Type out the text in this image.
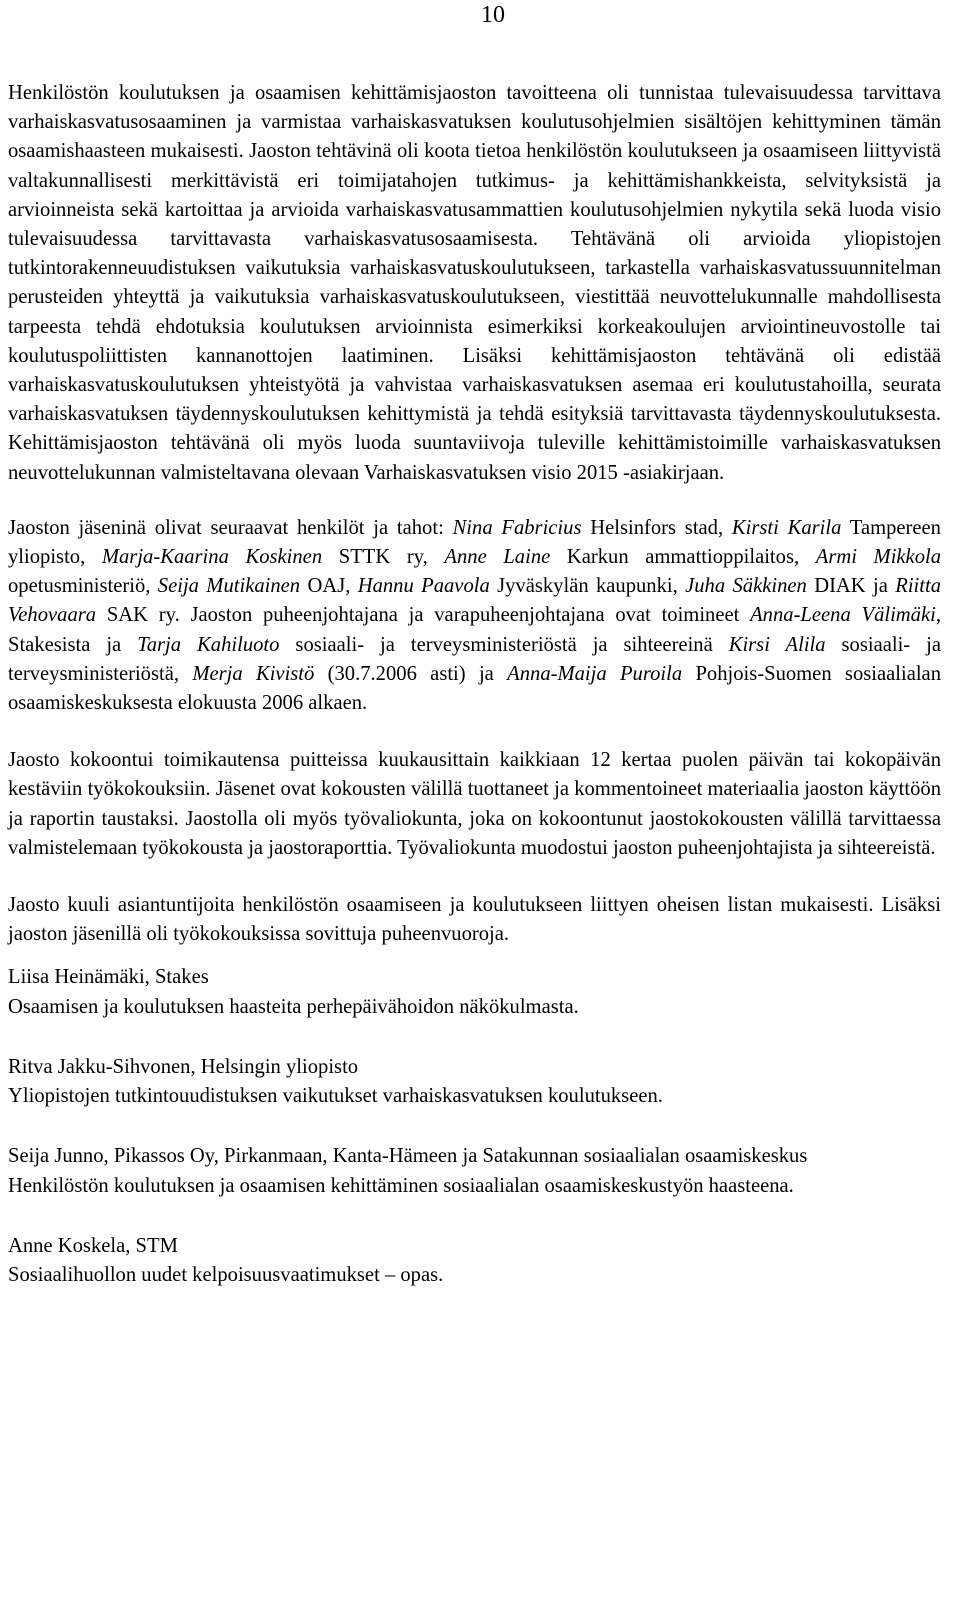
10

Henkilöstön koulutuksen ja osaamisen kehittämisjaoston tavoitteena oli tunnistaa tulevaisuudessa tarvittava varhaiskasvatusosaaminen ja varmistaa varhaiskasvatuksen koulutusohjelmien sisältöjen kehittyminen tämän osaamishaasteen mukaisesti. Jaoston tehtävinä oli koota tietoa henkilöstön koulutukseen ja osaamiseen liittyvistä valtakunnallisesti merkittävistä eri toimijatahojen tutkimus- ja kehittämishankkeista, selvityksistä ja arvioinneista sekä kartoittaa ja arvioida varhaiskasvatusammattien koulutusohjelmien nykytila sekä luoda visio tulevaisuudessa tarvittavasta varhaiskasvatusosaamisesta. Tehtävänä oli arvioida yliopistojen tutkintorakenneuudistuksen vaikutuksia varhaiskasvatuskoulutukseen, tarkastella varhaiskasvatussuunnitelman perusteiden yhteyttä ja vaikutuksia varhaiskasvatuskoulutukseen, viestittää neuvottelukunnalle mahdollisesta tarpeesta tehdä ehdotuksia koulutuksen arvioinnista esimerkiksi korkeakoulujen arviointineuvostolle tai koulutuspoliittisten kannanottojen laatiminen. Lisäksi kehittämisjaoston tehtävänä oli edistää varhaiskasvatuskoulutuksen yhteistyötä ja vahvistaa varhaiskasvatuksen asemaa eri koulutustahoilla, seurata varhaiskasvatuksen täydennyskoulutuksen kehittymistä ja tehdä esityksiä tarvittavasta täydennyskoulutuksesta. Kehittämisjaoston tehtävänä oli myös luoda suuntaviivoja tuleville kehittämistoimille varhaiskasvatuksen neuvottelukunnan valmisteltavana olevaan Varhaiskasvatuksen visio 2015 -asiakirjaan.

Jaoston jäseninä olivat seuraavat henkilöt ja tahot: Nina Fabricius Helsinfors stad, Kirsti Karila Tampereen yliopisto, Marja-Kaarina Koskinen STTK ry, Anne Laine Karkun ammattioppilaitos, Armi Mikkola opetusministeriö, Seija Mutikainen OAJ, Hannu Paavola Jyväskylän kaupunki, Juha Säkkinen DIAK ja Riitta Vehovaara SAK ry. Jaoston puheenjohtajana ja varapuheenjohtajana ovat toimineet Anna-Leena Välimäki, Stakesista ja Tarja Kahiluoto sosiaali- ja terveysministeriöstä ja sihteereinä Kirsi Alila sosiaali- ja terveysministeriöstä, Merja Kivistö (30.7.2006 asti) ja Anna-Maija Puroila Pohjois-Suomen sosiaalialan osaamiskeskuksesta elokuusta 2006 alkaen.

Jaosto kokoontui toimikautensa puitteissa kuukausittain kaikkiaan 12 kertaa puolen päivän tai kokopäivän kestäviin työkokouksiin. Jäsenet ovat kokousten välillä tuottaneet ja kommentoineet materiaalia jaoston käyttöön ja raportin taustaksi. Jaostolla oli myös työvaliokunta, joka on kokoontunut jaostokokousten välillä tarvittaessa valmistelemaan työkokousta ja jaostoraporttia. Työvaliokunta muodostui jaoston puheenjohtajista ja sihteereistä.

Jaosto kuuli asiantuntijoita henkilöstön osaamiseen ja koulutukseen liittyen oheisen listan mukaisesti. Lisäksi jaoston jäsenillä oli työkokouksissa sovittuja puheenvuoroja.

Liisa Heinämäki, Stakes

Osaamisen ja koulutuksen haasteita perhepäivähoidon näkökulmasta.

Ritva Jakku-Sihvonen, Helsingin yliopisto

Yliopistojen tutkintouudistuksen vaikutukset varhaiskasvatuksen koulutukseen.

Seija Junno, Pikassos Oy, Pirkanmaan, Kanta-Hämeen ja Satakunnan sosiaalialan osaamiskeskus

Henkilöstön koulutuksen ja osaamisen kehittäminen sosiaalialan osaamiskeskustyön haasteena.

Anne Koskela, STM

Sosiaalihuollon uudet kelpoisuusvaatimukset – opas.
